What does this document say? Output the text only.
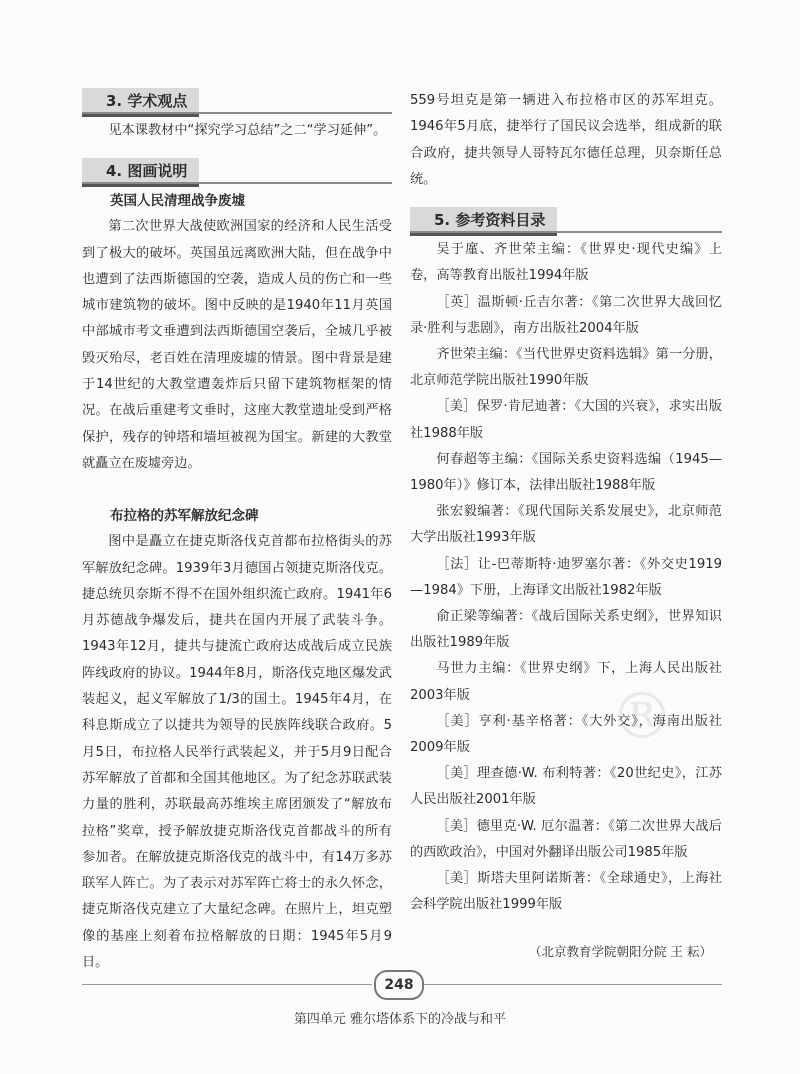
3. 学术观点

见本课教材中“探究学习总结”之二“学习延伸”。

4. 图画说明
英国人民清理战争废墟

第二次世界大战使欧洲国家的经济和人民生活受到了极大的破坏。英国虽远离欧洲大陆，但在战争中也遭到了法西斯德国的空袭，造成人员的伤亡和一些城市建筑物的破坏。图中反映的是1940年11月英国中部城市考文垂遭到法西斯德国空袭后，全城几乎被毁灭殆尽，老百姓在清理废墟的情景。图中背景是建于14世纪的大教堂遭轰炸后只留下建筑物框架的情况。在战后重建考文垂时，这座大教堂遗址受到严格保护，残存的钟塔和墙垣被视为国宝。新建的大教堂就矗立在废墟旁边。

布拉格的苏军解放纪念碑

图中是矗立在捷克斯洛伐克首都布拉格街头的苏军解放纪念碑。1939年3月德国占领捷克斯洛伐克。捷总统贝奈斯不得不在国外组织流亡政府。1941年6月苏德战争爆发后，捷共在国内开展了武装斗争。1943年12月，捷共与捷流亡政府达成战后成立民族阵线政府的协议。1944年8月，斯洛伐克地区爆发武装起义，起义军解放了1/3的国土。1945年4月，在科息斯成立了以捷共为领导的民族阵线联合政府。5月5日，布拉格人民举行武装起义，并于5月9日配合苏军解放了首都和全国其他地区。为了纪念苏联武装力量的胜利，苏联最高苏维埃主席团颁发了“解放布拉格”奖章，授予解放捷克斯洛伐克首都战斗的所有参加者。在解放捷克斯洛伐克的战斗中，有14万多苏联军人阵亡。为了表示对苏军阵亡将士的永久怀念，捷克斯洛伐克建立了大量纪念碑。在照片上，坦克塑像的基座上刻着布拉格解放的日期：1945年5月9日。

559号坦克是第一辆进入布拉格市区的苏军坦克。1946年5月底，捷举行了国民议会选举，组成新的联合政府，捷共领导人哥特瓦尔德任总理，贝奈斯任总统。

5. 参考资料目录

吴于廑、齐世荣主编：《世界史·现代史编》上卷，高等教育出版社1994年版

［英］温斯顿·丘吉尔著：《第二次世界大战回忆录·胜利与悲剧》，南方出版社2004年版

齐世荣主编：《当代世界史资料选辑》第一分册，北京师范学院出版社1990年版

［美］保罗·肯尼迪著：《大国的兴衰》，求实出版社1988年版

何春超等主编：《国际关系史资料选编（1945—1980年）》修订本，法律出版社1988年版

张宏毅编著：《现代国际关系发展史》，北京师范大学出版社1993年版

［法］让-巴蒂斯特·迪罗塞尔著：《外交史1919—1984》下册，上海译文出版社1982年版

俞正梁等编著：《战后国际关系史纲》，世界知识出版社1989年版

马世力主编：《世界史纲》下，上海人民出版社2003年版

［美］亨利·基辛格著：《大外交》，海南出版社2009年版

［美］理查德·W. 布利特著：《20世纪史》，江苏人民出版社2001年版

［美］德里克·W. 厄尔温著：《第二次世界大战后的西欧政治》，中国对外翻译出版公司1985年版

［美］斯塔夫里阿诺斯著：《全球通史》，上海社会科学院出版社1999年版

（北京教育学院朝阳分院 王 耘）
®
248
第四单元 雅尔塔体系下的冷战与和平
